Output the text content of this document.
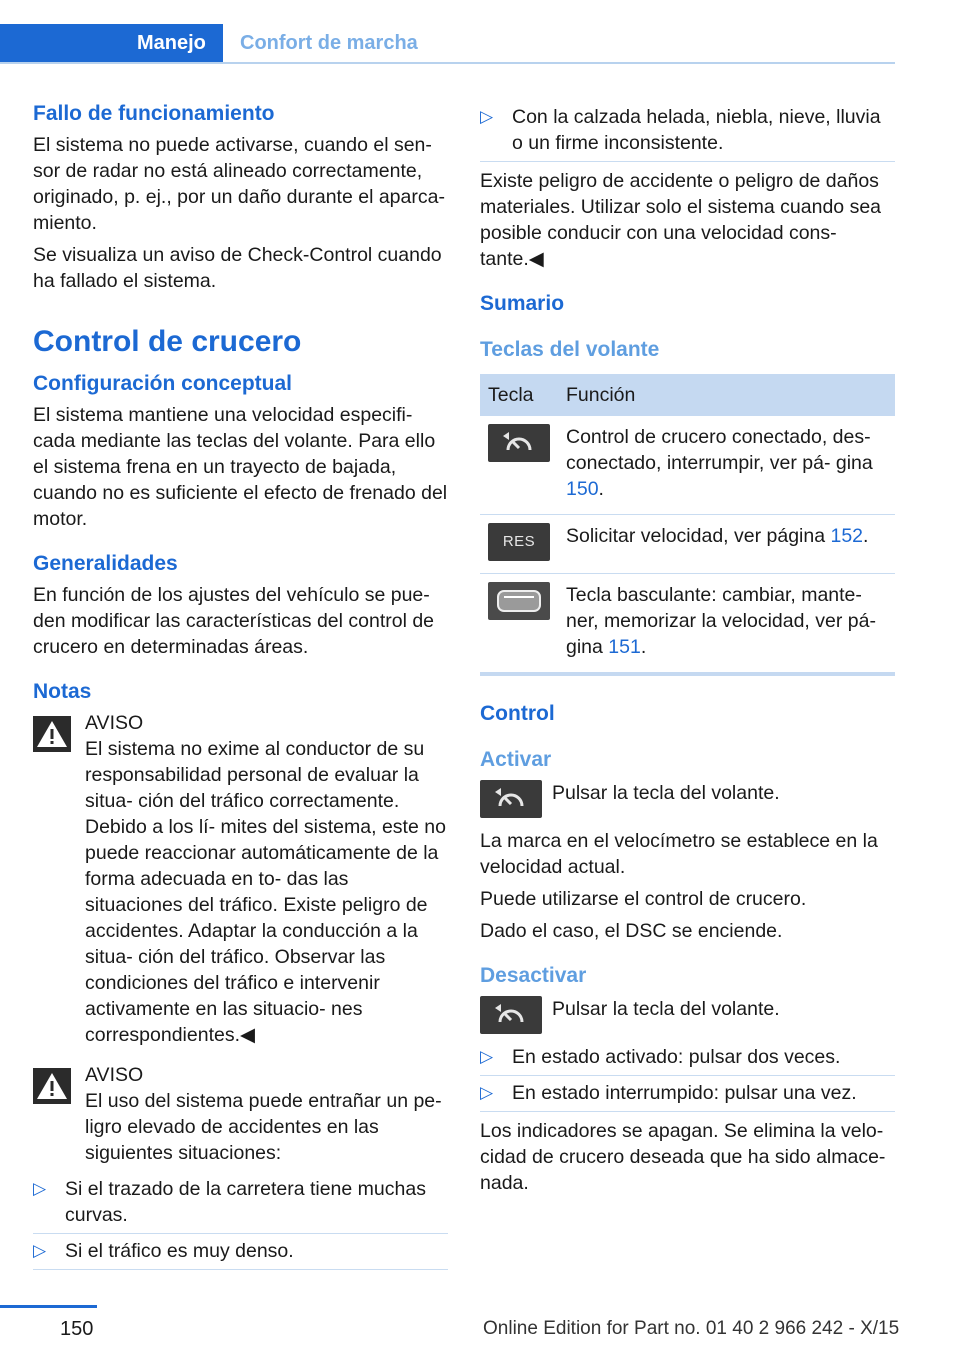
Manejo	Confort de marcha
Fallo de funcionamiento

El sistema no puede activarse, cuando el sen- sor de radar no está alineado correctamente, originado, p. ej., por un daño durante el aparca- miento.

Se visualiza un aviso de Check-Control cuando ha fallado el sistema.

Control de crucero
Configuración conceptual

El sistema mantiene una velocidad especifi- cada mediante las teclas del volante. Para ello el sistema frena en un trayecto de bajada, cuando no es suficiente el efecto de frenado del motor.

Generalidades

En función de los ajustes del vehículo se pue- den modificar las características del control de crucero en determinadas áreas.

Notas
AVISO
El sistema no exime al conductor de su responsabilidad personal de evaluar la situa- ción del tráfico correctamente. Debido a los lí- mites del sistema, este no puede reaccionar automáticamente de la forma adecuada en to- das las situaciones del tráfico. Existe peligro de accidentes. Adaptar la conducción a la situa- ción del tráfico. Observar las condiciones del tráfico e intervenir activamente en las situacio- nes correspondientes.◀
AVISO
El uso del sistema puede entrañar un pe- ligro elevado de accidentes en las siguientes situaciones:
▷ Si el trazado de la carretera tiene muchas curvas.
▷ Si el tráfico es muy denso.
▷ Con la calzada helada, niebla, nieve, lluvia o un firme inconsistente.

Existe peligro de accidente o peligro de daños materiales. Utilizar solo el sistema cuando sea posible conducir con una velocidad cons- tante.◀

Sumario
Teclas del volante
Tecla	Función

	Control de crucero conectado, des- conectado, interrumpir, ver pá- gina 150.

RES	Solicitar velocidad, ver página 152.

	Tecla basculante: cambiar, mante- ner, memorizar la velocidad, ver pá- gina 151.
Control
Activar
Pulsar la tecla del volante.

La marca en el velocímetro se establece en la velocidad actual.

Puede utilizarse el control de crucero.

Dado el caso, el DSC se enciende.

Desactivar
Pulsar la tecla del volante.
▷ En estado activado: pulsar dos veces.
▷ En estado interrumpido: pulsar una vez.

Los indicadores se apagan. Se elimina la velo- cidad de crucero deseada que ha sido almace- nada.

150	Online Edition for Part no. 01 40 2 966 242 - X/15
